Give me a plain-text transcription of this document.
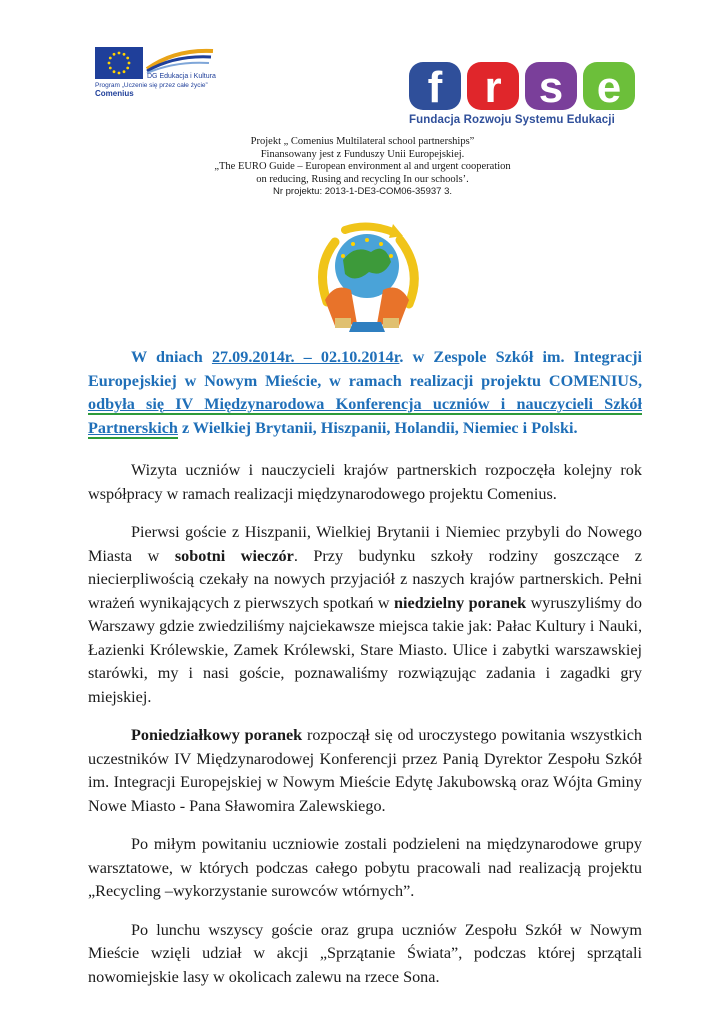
DG Edukacja i Kultura
Program „Uczenie się przez całe życie”
Comenius	f r s e
Fundacja Rozwoju Systemu Edukacji
Projekt „ Comenius Multilateral school partnerships”
Finansowany jest z Funduszy Unii Europejskiej.
„The EURO Guide – European environment al and urgent cooperation
on reducing, Rusing and recycling In our schools’.
Nr projektu: 2013-1-DE3-COM06-35937 3.

W dniach 27.09.2014r. – 02.10.2014r. w Zespole Szkół im. Integracji Europejskiej w Nowym Mieście, w ramach realizacji projektu COMENIUS, odbyła się IV Międzynarodowa Konferencja uczniów i nauczycieli Szkół Partnerskich z Wielkiej Brytanii, Hiszpanii, Holandii, Niemiec i Polski.

Wizyta uczniów i nauczycieli krajów partnerskich rozpoczęła kolejny rok współpracy w ramach realizacji międzynarodowego projektu Comenius.

Pierwsi goście z Hiszpanii, Wielkiej Brytanii i Niemiec przybyli do Nowego Miasta w sobotni wieczór. Przy budynku szkoły rodziny goszczące z niecierpliwością czekały na nowych przyjaciół z naszych krajów partnerskich. Pełni wrażeń wynikających z pierwszych spotkań w niedzielny poranek wyruszyliśmy do Warszawy gdzie zwiedziliśmy najciekawsze miejsca takie jak: Pałac Kultury i Nauki, Łazienki Królewskie, Zamek Królewski, Stare Miasto. Ulice i zabytki warszawskiej starówki, my i nasi goście, poznawaliśmy rozwiązując zadania i zagadki gry miejskiej.

Poniedziałkowy poranek rozpoczął się od uroczystego powitania wszystkich uczestników IV Międzynarodowej Konferencji przez Panią Dyrektor Zespołu Szkół im. Integracji Europejskiej w Nowym Mieście Edytę Jakubowską oraz Wójta Gminy Nowe Miasto - Pana Sławomira Zalewskiego.

Po miłym powitaniu uczniowie zostali podzieleni na międzynarodowe grupy warsztatowe, w których podczas całego pobytu pracowali nad realizacją projektu „Recycling –wykorzystanie surowców wtórnych”.

Po lunchu wszyscy goście oraz grupa uczniów Zespołu Szkół w Nowym Mieście wzięli udział w akcji „Sprzątanie Świata”, podczas której sprzątali nowomiejskie lasy w okolicach zalewu na rzece Sona.
